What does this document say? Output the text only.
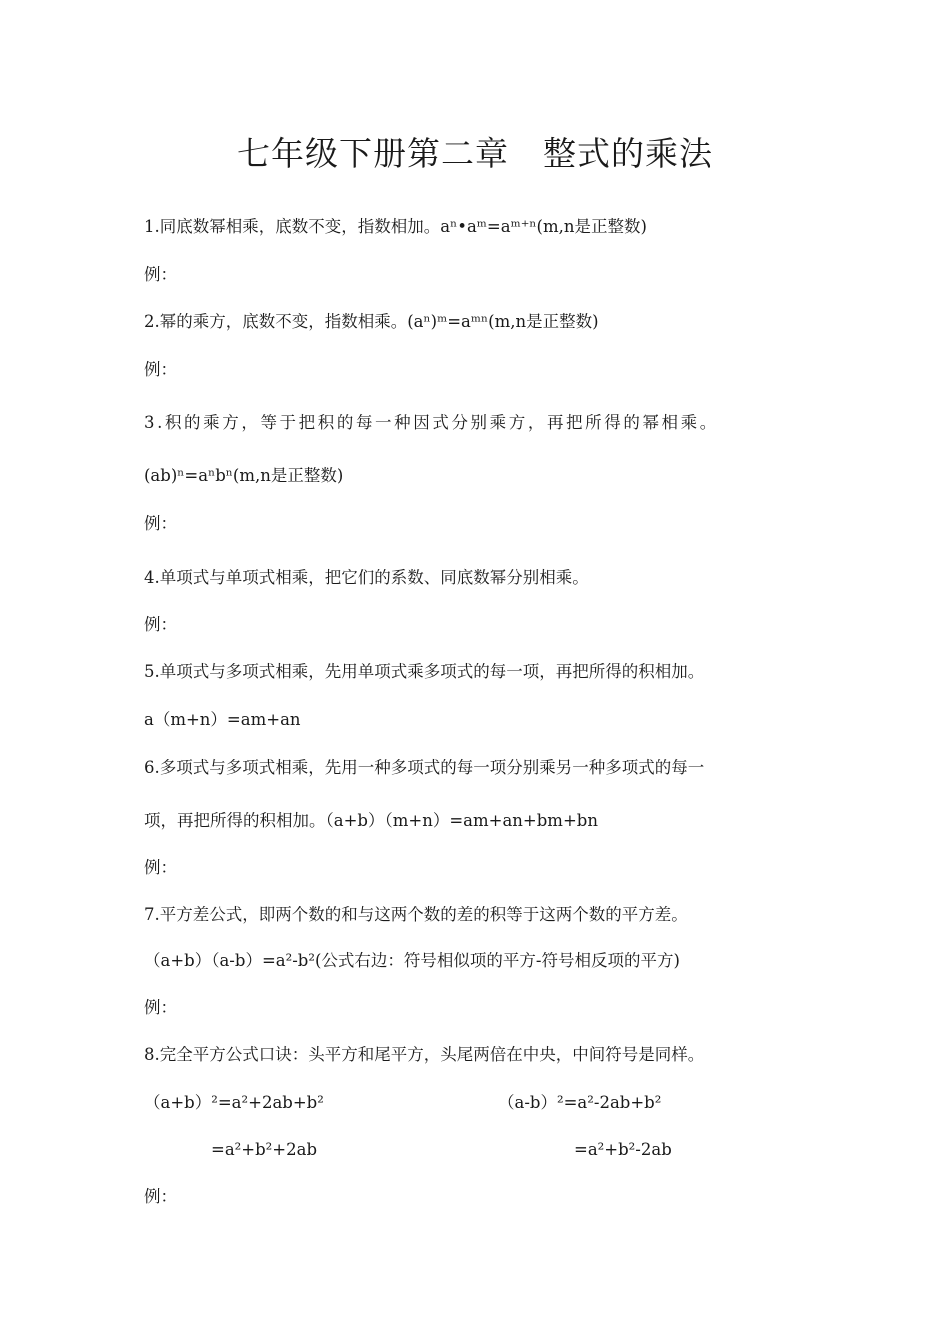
七年级下册第二章　整式的乘法
1.同底数幂相乘，底数不变，指数相加。aⁿ•aᵐ=aᵐ⁺ⁿ(m,n是正整数)
例：
2.幂的乘方，底数不变，指数相乘。(aⁿ)ᵐ=aᵐⁿ(m,n是正整数)
例：
3.积的乘方，等于把积的每一种因式分别乘方，再把所得的幂相乘。
(ab)ⁿ=aⁿbⁿ(m,n是正整数)
例：
4.单项式与单项式相乘，把它们的系数、同底数幂分别相乘。
例：
5.单项式与多项式相乘，先用单项式乘多项式的每一项，再把所得的积相加。
a（m+n）=am+an
6.多项式与多项式相乘，先用一种多项式的每一项分别乘另一种多项式的每一
项，再把所得的积相加。（a+b）（m+n）=am+an+bm+bn
例：
7.平方差公式，即两个数的和与这两个数的差的积等于这两个数的平方差。
（a+b）（a-b）=a²-b²(公式右边：符号相似项的平方-符号相反项的平方)
例：
8.完全平方公式口诀：头平方和尾平方，头尾两倍在中央，中间符号是同样。
（a+b）²=a²+2ab+b²	（a-b）²=a²-2ab+b²
=a²+b²+2ab	=a²+b²-2ab
例：
